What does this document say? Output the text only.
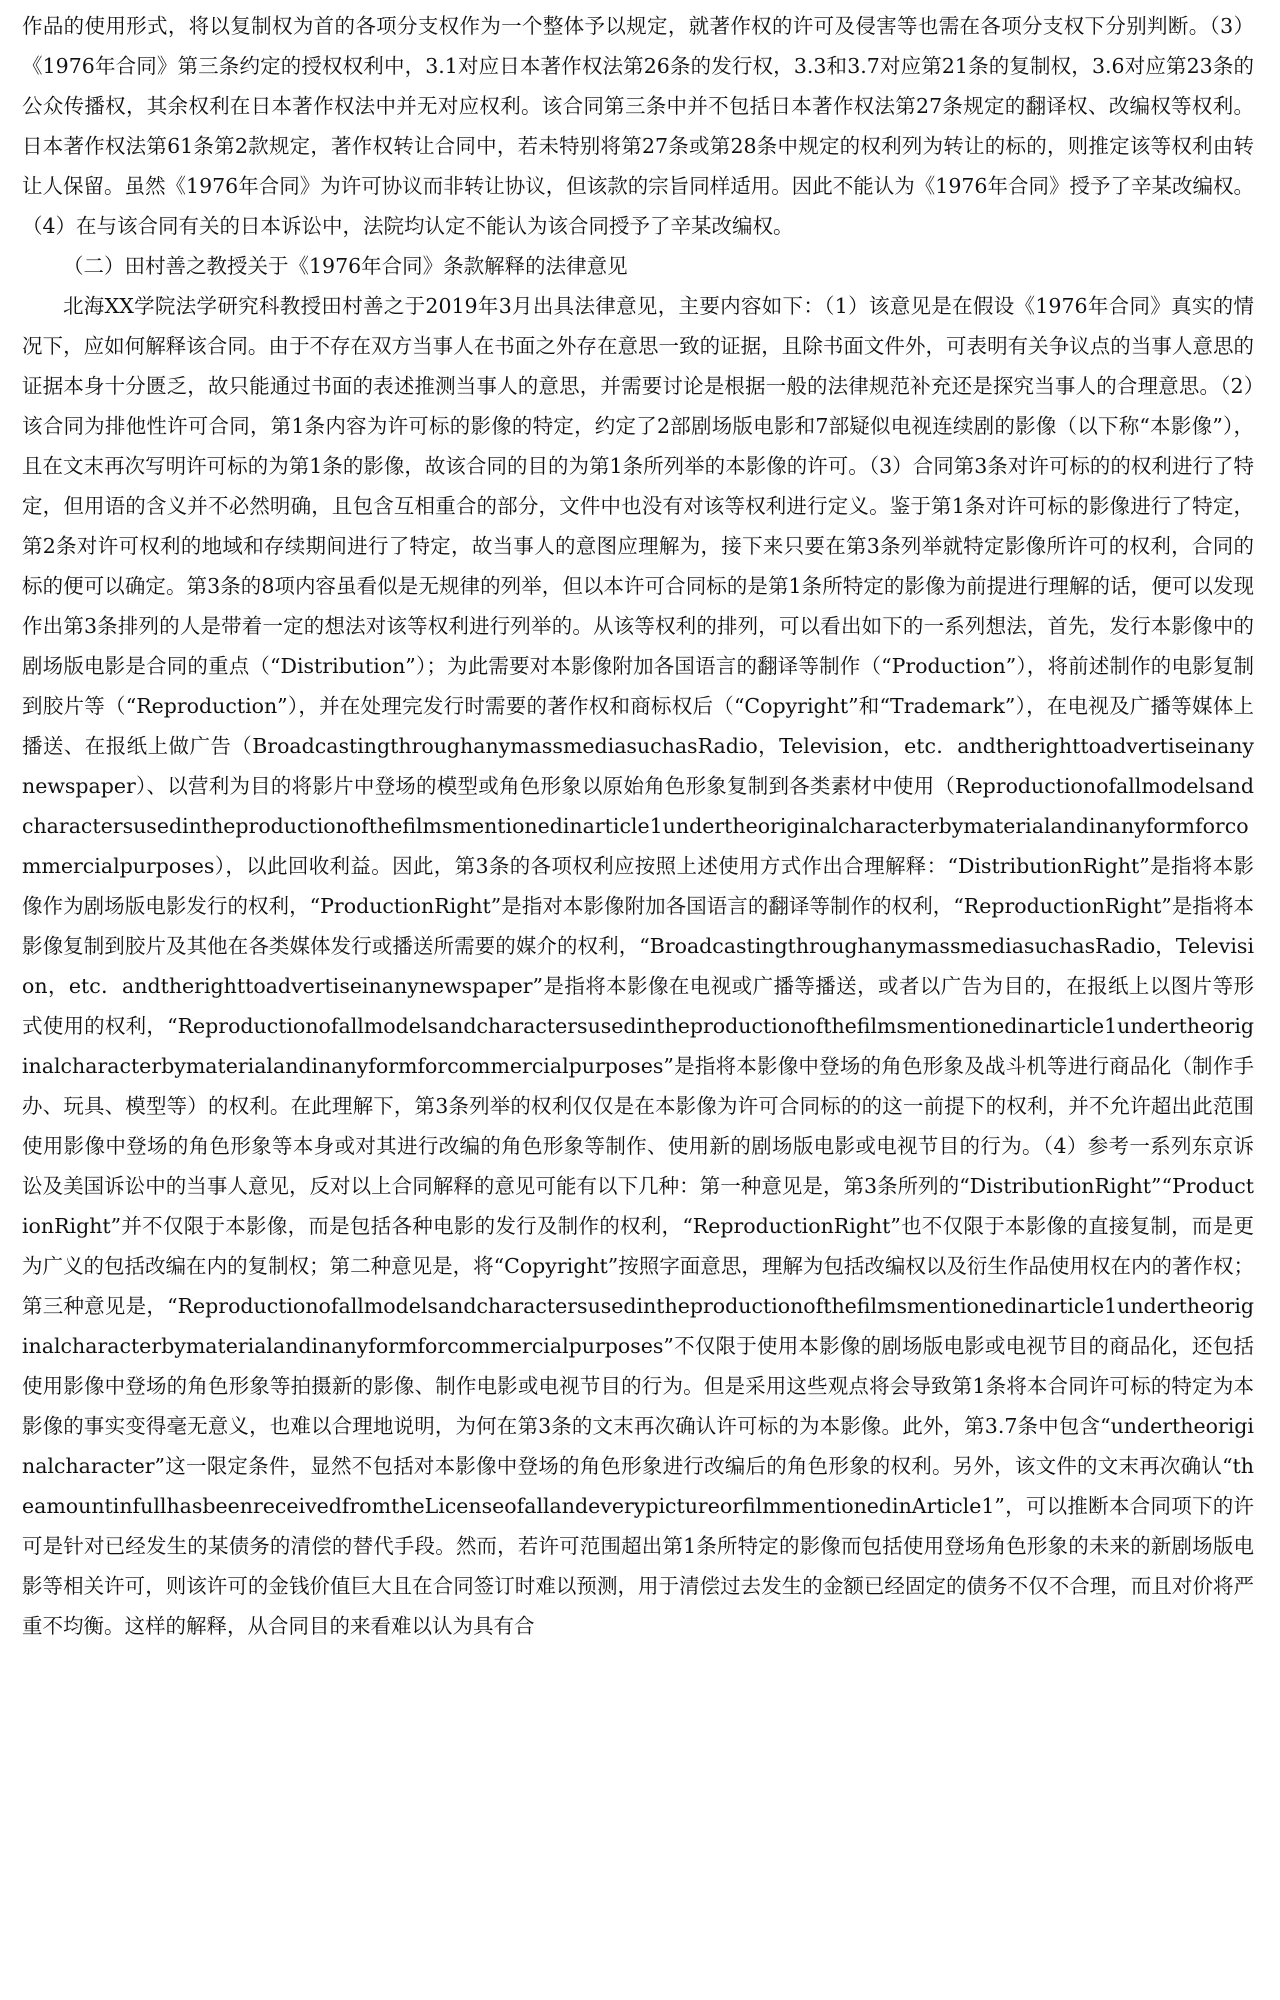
作品的使用形式，将以复制权为首的各项分支权作为一个整体予以规定，就著作权的许可及侵害等也需在各项分支权下分别判断。（3）《1976年合同》第三条约定的授权权利中，3.1对应日本著作权法第26条的发行权，3.3和3.7对应第21条的复制权，3.6对应第23条的公众传播权，其余权利在日本著作权法中并无对应权利。该合同第三条中并不包括日本著作权法第27条规定的翻译权、改编权等权利。日本著作权法第61条第2款规定，著作权转让合同中，若未特别将第27条或第28条中规定的权利列为转让的标的，则推定该等权利由转让人保留。虽然《1976年合同》为许可协议而非转让协议，但该款的宗旨同样适用。因此不能认为《1976年合同》授予了辛某改编权。（4）在与该合同有关的日本诉讼中，法院均认定不能认为该合同授予了辛某改编权。

（二）田村善之教授关于《1976年合同》条款解释的法律意见

北海XX学院法学研究科教授田村善之于2019年3月出具法律意见，主要内容如下：（1）该意见是在假设《1976年合同》真实的情况下，应如何解释该合同。由于不存在双方当事人在书面之外存在意思一致的证据，且除书面文件外，可表明有关争议点的当事人意思的证据本身十分匮乏，故只能通过书面的表述推测当事人的意思，并需要讨论是根据一般的法律规范补充还是探究当事人的合理意思。（2）该合同为排他性许可合同，第1条内容为许可标的影像的特定，约定了2部剧场版电影和7部疑似电视连续剧的影像（以下称“本影像”），且在文末再次写明许可标的为第1条的影像，故该合同的目的为第1条所列举的本影像的许可。（3）合同第3条对许可标的的权利进行了特定，但用语的含义并不必然明确，且包含互相重合的部分，文件中也没有对该等权利进行定义。鉴于第1条对许可标的影像进行了特定，第2条对许可权利的地域和存续期间进行了特定，故当事人的意图应理解为，接下来只要在第3条列举就特定影像所许可的权利，合同的标的便可以确定。第3条的8项内容虽看似是无规律的列举，但以本许可合同标的是第1条所特定的影像为前提进行理解的话，便可以发现作出第3条排列的人是带着一定的想法对该等权利进行列举的。从该等权利的排列，可以看出如下的一系列想法，首先，发行本影像中的剧场版电影是合同的重点（“Distribution”）；为此需要对本影像附加各国语言的翻译等制作（“Production”），将前述制作的电影复制到胶片等（“Reproduction”），并在处理完发行时需要的著作权和商标权后（“Copyright”和“Trademark”），在电视及广播等媒体上播送、在报纸上做广告（BroadcastingthroughanymassmediasuchasRadio，Television，etc．andtherighttoadvertiseinanynewspaper）、以营利为目的将影片中登场的模型或角色形象以原始角色形象复制到各类素材中使用（Reproductionofallmodelsandcharactersusedintheproductionofthefilmsmentionedinarticle1undertheoriginalcharacterbymaterialandinanyformforcommercialpurposes），以此回收利益。因此，第3条的各项权利应按照上述使用方式作出合理解释：“DistributionRight”是指将本影像作为剧场版电影发行的权利，“ProductionRight”是指对本影像附加各国语言的翻译等制作的权利，“ReproductionRight”是指将本影像复制到胶片及其他在各类媒体发行或播送所需要的媒介的权利，“BroadcastingthroughanymassmediasuchasRadio，Television，etc．andtherighttoadvertiseinanynewspaper”是指将本影像在电视或广播等播送，或者以广告为目的，在报纸上以图片等形式使用的权利，“Reproductionofallmodelsandcharactersusedintheproductionofthefilmsmentionedinarticle1undertheoriginalcharacterbymaterialandinanyformforcommercialpurposes”是指将本影像中登场的角色形象及战斗机等进行商品化（制作手办、玩具、模型等）的权利。在此理解下，第3条列举的权利仅仅是在本影像为许可合同标的的这一前提下的权利，并不允许超出此范围使用影像中登场的角色形象等本身或对其进行改编的角色形象等制作、使用新的剧场版电影或电视节目的行为。（4）参考一系列东京诉讼及美国诉讼中的当事人意见，反对以上合同解释的意见可能有以下几种：第一种意见是，第3条所列的“DistributionRight”“ProductionRight”并不仅限于本影像，而是包括各种电影的发行及制作的权利，“ReproductionRight”也不仅限于本影像的直接复制，而是更为广义的包括改编在内的复制权；第二种意见是，将“Copyright”按照字面意思，理解为包括改编权以及衍生作品使用权在内的著作权；第三种意见是，“Reproductionofallmodelsandcharactersusedintheproductionofthefilmsmentionedinarticle1undertheoriginalcharacterbymaterialandinanyformforcommercialpurposes”不仅限于使用本影像的剧场版电影或电视节目的商品化，还包括使用影像中登场的角色形象等拍摄新的影像、制作电影或电视节目的行为。但是采用这些观点将会导致第1条将本合同许可标的特定为本影像的事实变得毫无意义，也难以合理地说明，为何在第3条的文末再次确认许可标的为本影像。此外，第3.7条中包含“undertheoriginalcharacter”这一限定条件，显然不包括对本影像中登场的角色形象进行改编后的角色形象的权利。另外，该文件的文末再次确认“theamountinfullhasbeenreceivedfromtheLicenseofallandeverypictureorfilmmentionedinArticle1”，可以推断本合同项下的许可是针对已经发生的某债务的清偿的替代手段。然而，若许可范围超出第1条所特定的影像而包括使用登场角色形象的未来的新剧场版电影等相关许可，则该许可的金钱价值巨大且在合同签订时难以预测，用于清偿过去发生的金额已经固定的债务不仅不合理，而且对价将严重不均衡。这样的解释，从合同目的来看难以认为具有合
